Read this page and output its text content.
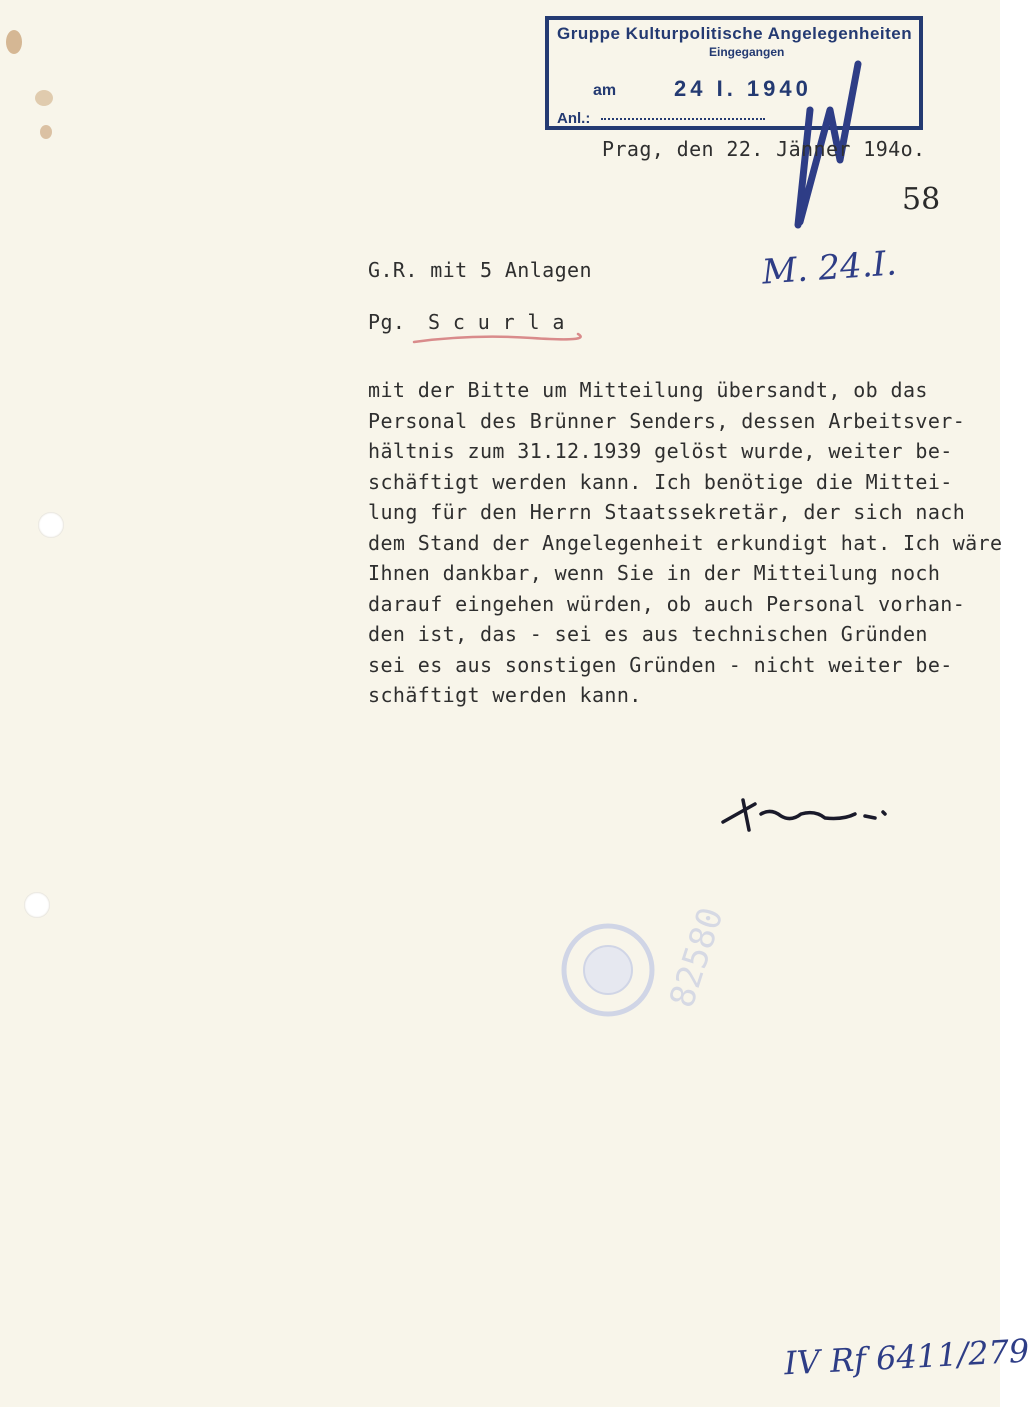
Gruppe Kulturpolitische Angelegenheiten
Eingegangen
am	24 I. 1940
Anl.:
Prag, den 22. Jänner 194o.
58
M. 24.I.
G.R. mit 5 Anlagen
Pg. S c u r l a
mit der Bitte um Mitteilung übersandt, ob das
Personal des Brünner Senders, dessen Arbeitsver-
hältnis zum 31.12.1939 gelöst wurde, weiter be-
schäftigt werden kann. Ich benötige die Mittei-
lung für den Herrn Staatssekretär, der sich nach
dem Stand der Angelegenheit erkundigt hat. Ich wäre
Ihnen dankbar, wenn Sie in der Mitteilung noch
darauf eingehen würden, ob auch Personal vorhan-
den ist, das - sei es aus technischen Gründen
sei es aus sonstigen Gründen - nicht weiter be-
schäftigt werden kann.
82580
IV Rf 6411/279
